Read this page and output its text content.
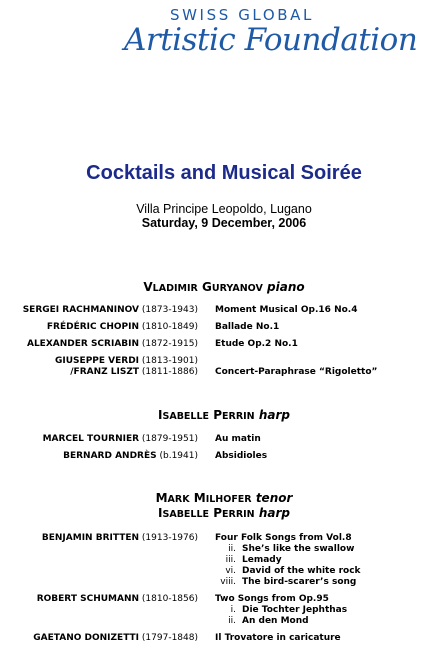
SWISS GLOBAL
Artistic Foundation
Cocktails and Musical Soirée
Villa Principe Leopoldo, Lugano
Saturday, 9 December, 2006
VLADIMIR GURYANOV piano
SERGEI RACHMANINOV (1873-1943) Moment Musical Op.16 No.4
FRÉDÉRIC CHOPIN (1810-1849) Ballade No.1
ALEXANDER SCRIABIN (1872-1915) Etude Op.2 No.1
GIUSEPPE VERDI (1813-1901)
/FRANZ LISZT (1811-1886) Concert-Paraphrase “Rigoletto”
ISABELLE PERRIN harp
MARCEL TOURNIER (1879-1951) Au matin
BERNARD ANDRÈS (b.1941) Absidioles
MARK MILHOFER tenor
ISABELLE PERRIN harp
BENJAMIN BRITTEN (1913-1976) Four Folk Songs from Vol.8
ii. She’s like the swallow
iii. Lemady
vi. David of the white rock
viii. The bird-scarer’s song
ROBERT SCHUMANN (1810-1856) Two Songs from Op.95
i. Die Tochter Jephthas
ii. An den Mond
GAETANO DONIZETTI (1797-1848) Il Trovatore in caricature
